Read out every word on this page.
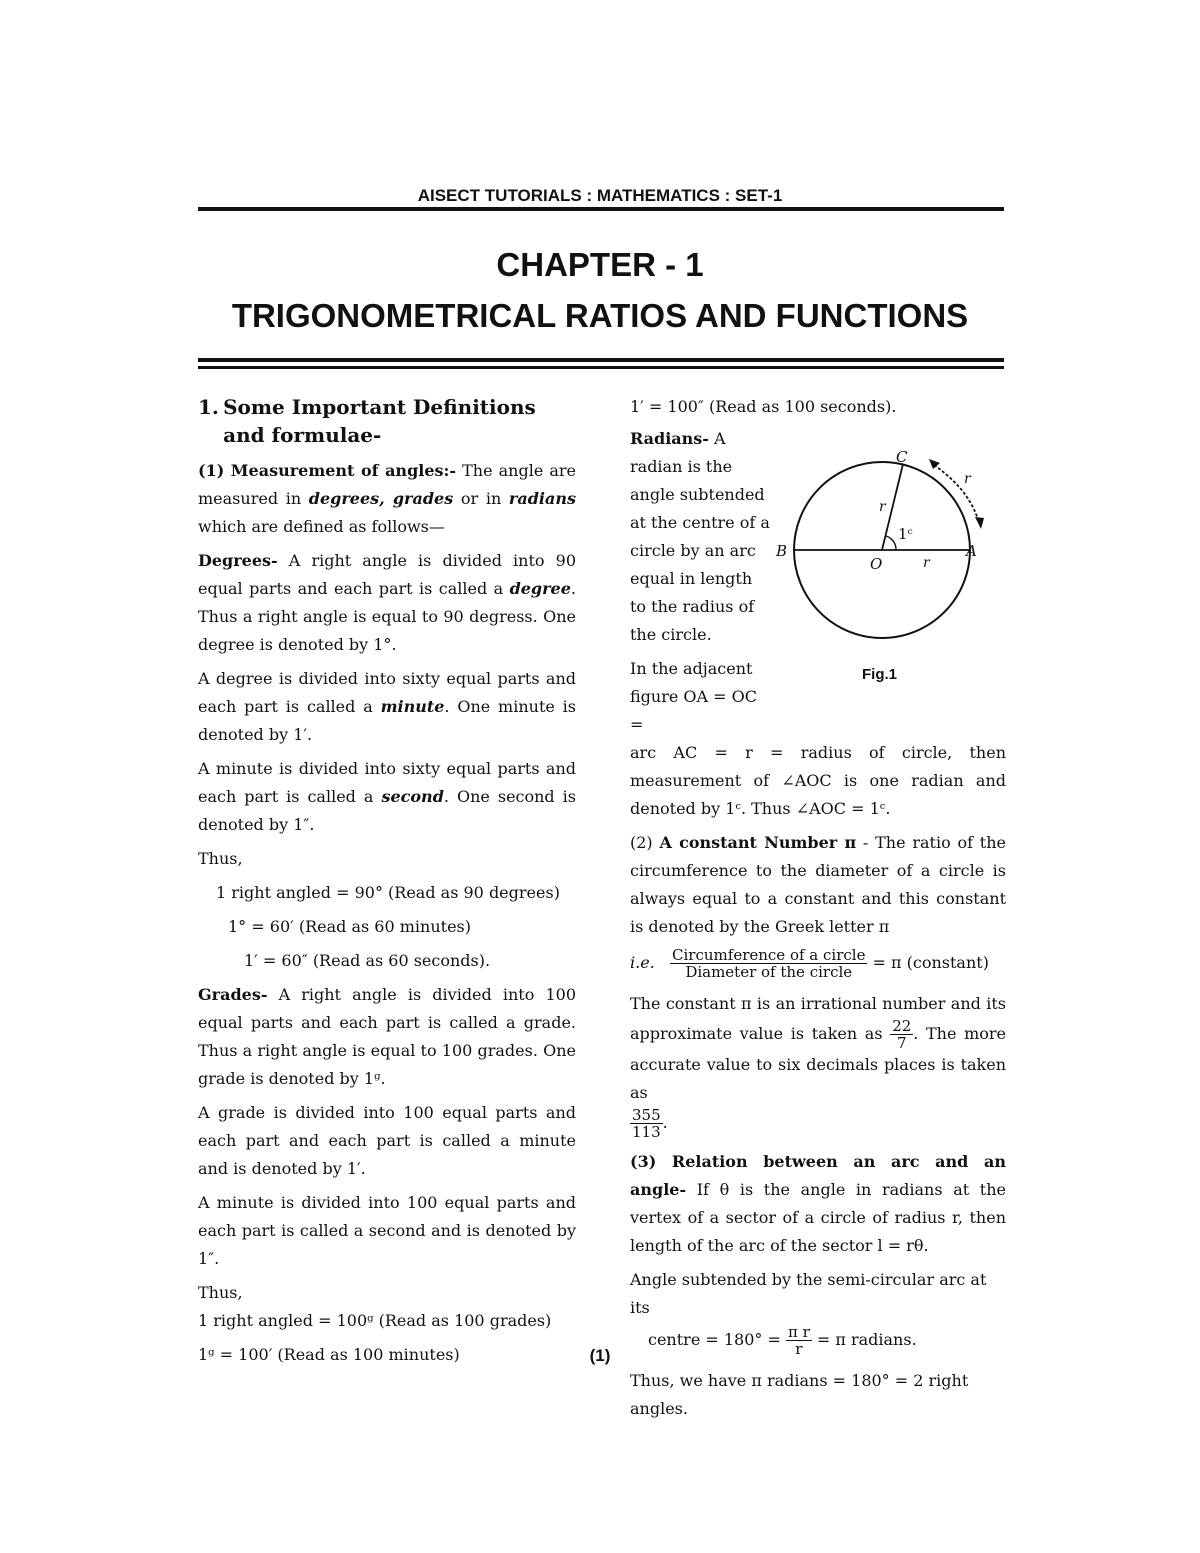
AISECT TUTORIALS : MATHEMATICS : SET-1
CHAPTER - 1
TRIGONOMETRICAL RATIOS AND FUNCTIONS
1. Some Important Definitions and formulae-

(1) Measurement of angles:- The angle are measured in degrees, grades or in radians which are defined as follows—

Degrees- A right angle is divided into 90 equal parts and each part is called a degree. Thus a right angle is equal to 90 degress. One degree is denoted by 1°.

A degree is divided into sixty equal parts and each part is called a minute. One minute is denoted by 1′.

A minute is divided into sixty equal parts and each part is called a second. One second is denoted by 1″.

Thus,

1 right angled = 90° (Read as 90 degrees)
1° = 60′ (Read as 60 minutes)
1′ = 60″ (Read as 60 seconds).

Grades- A right angle is divided into 100 equal parts and each part is called a grade. Thus a right angle is equal to 100 grades. One grade is denoted by 1ᵍ.

A grade is divided into 100 equal parts and each part and each part is called a minute and is denoted by 1′.

A minute is divided into 100 equal parts and each part is called a second and is denoted by 1″.

Thus,

1 right angled = 100ᵍ (Read as 100 grades)

1ᵍ = 100′ (Read as 100 minutes)

1′ = 100″ (Read as 100 seconds).

Radians- A radian is the angle subtended at the centre of a circle by an arc equal in length to the radius of the circle.

In the adjacent figure OA = OC =

arc AC = r = radius of circle, then measurement of ∠AOC is one radian and denoted by 1ᶜ. Thus ∠AOC = 1ᶜ.

(2) A constant Number π - The ratio of the circumference to the diameter of a circle is always equal to a constant and this constant is denoted by the Greek letter π

i.e. $\frac{\text{Circumference of a circle}}{\text{Diameter of the circle}} = \pi$ (constant)

The constant π is an irrational number and its approximate value is taken as $\frac{22}{7}$ . The more accurate value to six decimals places is taken as

$\frac{355}{113}$ .

(3) Relation between an arc and an angle- If θ is the angle in radians at the vertex of a sector of a circle of radius r, then length of the arc of the sector l = rθ.

Angle subtended by the semi-circular arc at its

centre = $180^\circ = \frac{\text{π r}}{r} = \pi$ radians.

Thus, we have π radians = 180° = 2 right angles.

C
B
O
A
r
r
r
1ᶜ
Fig.1
(1)
